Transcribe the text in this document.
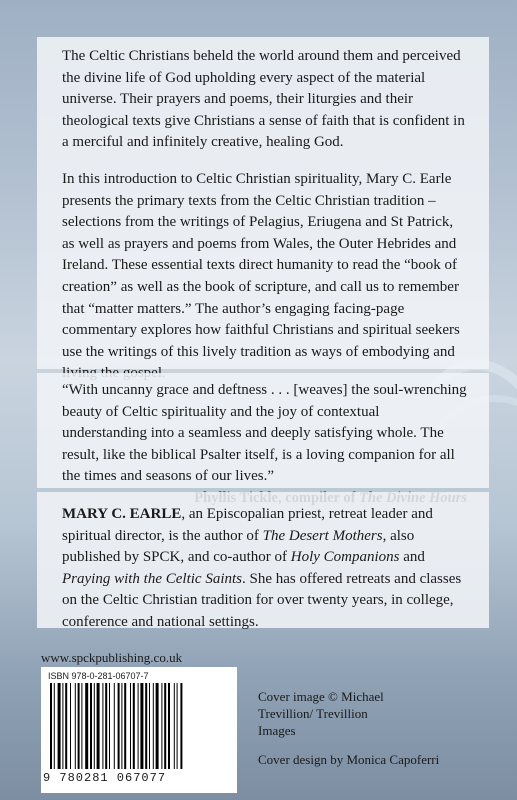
The Celtic Christians beheld the world around them and perceived the divine life of God upholding every aspect of the material universe. Their prayers and poems, their liturgies and their theological texts give Christians a sense of faith that is confident in a merciful and infinitely creative, healing God.

In this introduction to Celtic Christian spirituality, Mary C. Earle presents the primary texts from the Celtic Christian tradition – selections from the writings of Pelagius, Eriugena and St Patrick, as well as prayers and poems from Wales, the Outer Hebrides and Ireland. These essential texts direct humanity to read the “book of creation” as well as the book of scripture, and call us to remember that “matter matters.” The author’s engaging facing-page commentary explores how faithful Christians and spiritual seekers use the writings of this lively tradition as ways of embodying and

“With uncanny grace and deftness . . . [weaves] the soul-wrenching beauty of Celtic spirituality and the joy of contextual understanding into a seamless and deeply satisfying whole. The result, like the biblical Psalter itself, is a loving companion for all the times and seasons of our lives.”

MARY C. EARLE, an Episcopalian priest, retreat leader and spiritual director, is the author of The Desert Mothers, also published by SPCK, and co-author of Holy Companions and Praying with the Celtic Saints. She has offered retreats and classes on the Celtic Christian tradition for over twenty years, in college, conference and national settings.

www.spckpublishing.co.uk
ISBN 978-0-281-06707-7
9 780281 067077
Cover image © Michael Trevillion/ Trevillion Images
Cover design by Monica Capoferri
